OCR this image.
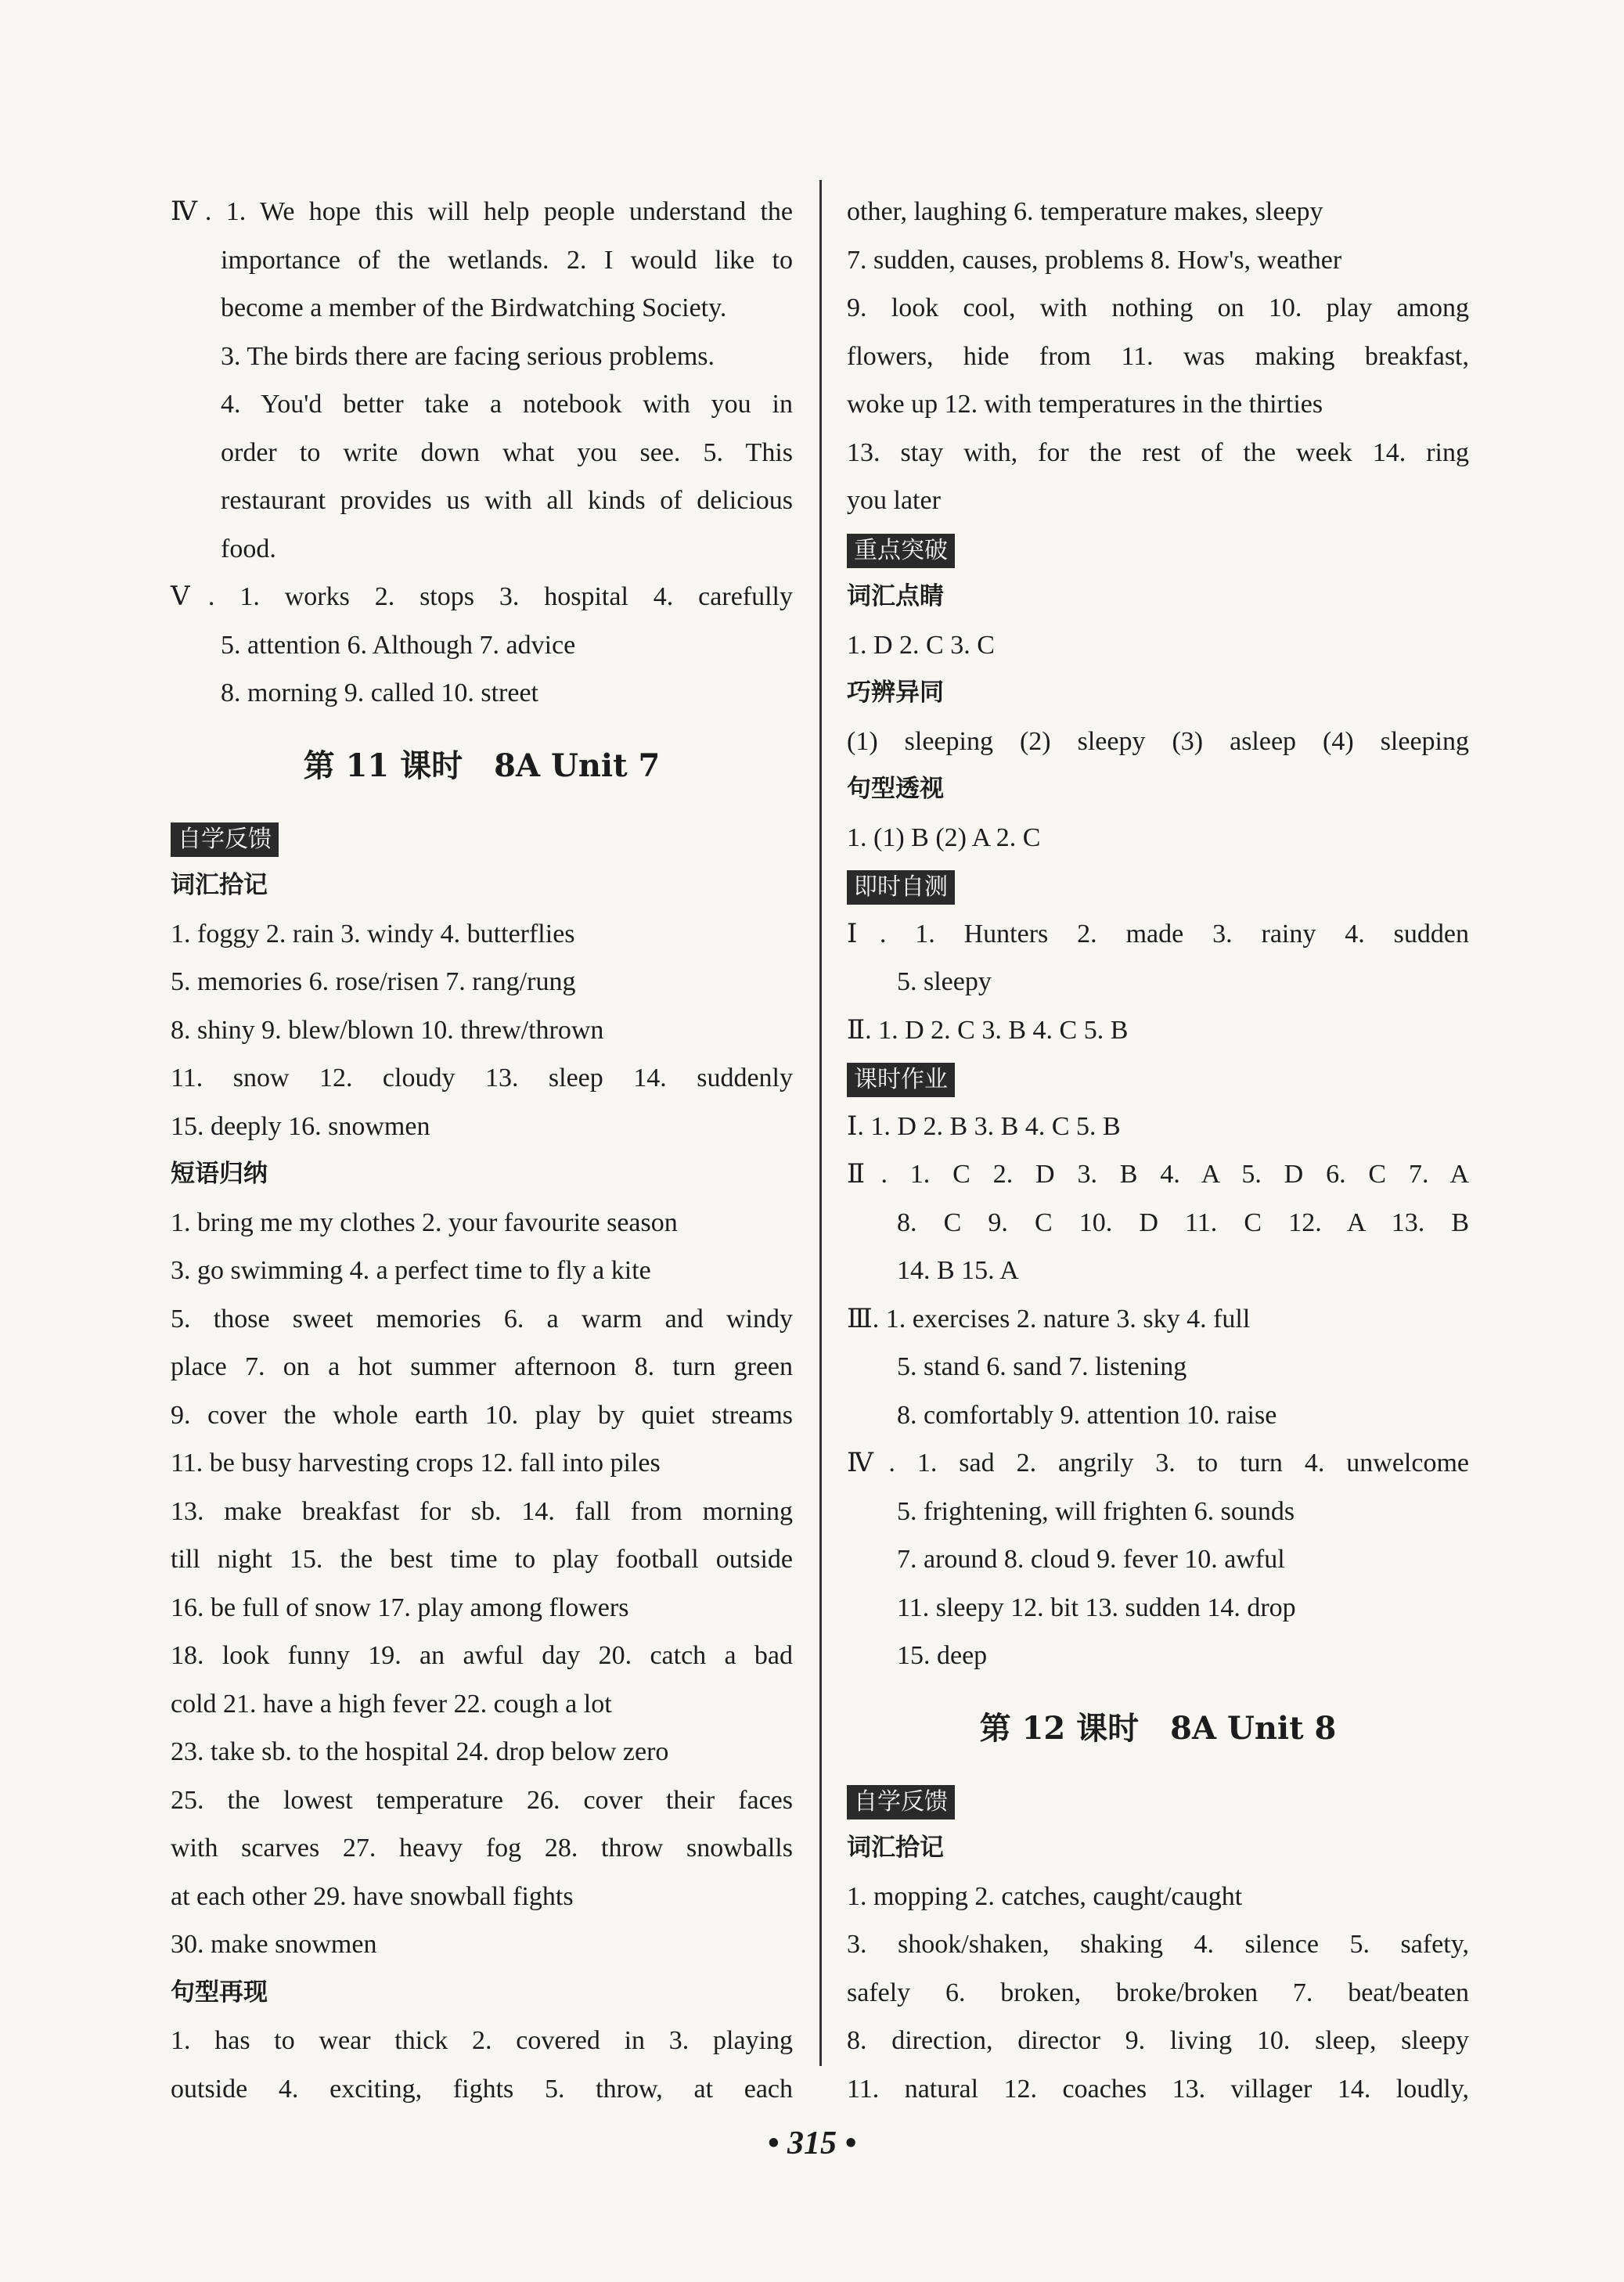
Ⅳ. 1. We hope this will help people understand the
importance of the wetlands. 2. I would like to
become a member of the Birdwatching Society.
3. The birds there are facing serious problems.
4. You'd better take a notebook with you in
order to write down what you see. 5. This
restaurant provides us with all kinds of delicious
food.
Ⅴ. 1. works 2. stops 3. hospital 4. carefully
5. attention 6. Although 7. advice
8. morning 9. called 10. street
第 11 课时　8A Unit 7
自学反馈
词汇拾记
1. foggy 2. rain 3. windy 4. butterflies
5. memories 6. rose/risen 7. rang/rung
8. shiny 9. blew/blown 10. threw/thrown
11. snow 12. cloudy 13. sleep 14. suddenly
15. deeply 16. snowmen
短语归纳
1. bring me my clothes 2. your favourite season
3. go swimming 4. a perfect time to fly a kite
5. those sweet memories 6. a warm and windy
place 7. on a hot summer afternoon 8. turn green
9. cover the whole earth 10. play by quiet streams
11. be busy harvesting crops 12. fall into piles
13. make breakfast for sb. 14. fall from morning
till night 15. the best time to play football outside
16. be full of snow 17. play among flowers
18. look funny 19. an awful day 20. catch a bad
cold 21. have a high fever 22. cough a lot
23. take sb. to the hospital 24. drop below zero
25. the lowest temperature 26. cover their faces
with scarves 27. heavy fog 28. throw snowballs
at each other 29. have snowball fights
30. make snowmen
句型再现
1. has to wear thick 2. covered in 3. playing
outside 4. exciting, fights 5. throw, at each
other, laughing 6. temperature makes, sleepy
7. sudden, causes, problems 8. How's, weather
9. look cool, with nothing on 10. play among
flowers, hide from 11. was making breakfast,
woke up 12. with temperatures in the thirties
13. stay with, for the rest of the week 14. ring
you later
重点突破
词汇点睛
1. D 2. C 3. C
巧辨异同
(1) sleeping (2) sleepy (3) asleep (4) sleeping
句型透视
1. (1) B (2) A 2. C
即时自测
Ⅰ. 1. Hunters 2. made 3. rainy 4. sudden
5. sleepy
Ⅱ. 1. D 2. C 3. B 4. C 5. B
课时作业
Ⅰ. 1. D 2. B 3. B 4. C 5. B
Ⅱ. 1. C 2. D 3. B 4. A 5. D 6. C 7. A
8. C 9. C 10. D 11. C 12. A 13. B
14. B 15. A
Ⅲ. 1. exercises 2. nature 3. sky 4. full
5. stand 6. sand 7. listening
8. comfortably 9. attention 10. raise
Ⅳ. 1. sad 2. angrily 3. to turn 4. unwelcome
5. frightening, will frighten 6. sounds
7. around 8. cloud 9. fever 10. awful
11. sleepy 12. bit 13. sudden 14. drop
15. deep
第 12 课时　8A Unit 8
自学反馈
词汇拾记
1. mopping 2. catches, caught/caught
3. shook/shaken, shaking 4. silence 5. safety,
safely 6. broken, broke/broken 7. beat/beaten
8. direction, director 9. living 10. sleep, sleepy
11. natural 12. coaches 13. villager 14. loudly,
• 315 •
